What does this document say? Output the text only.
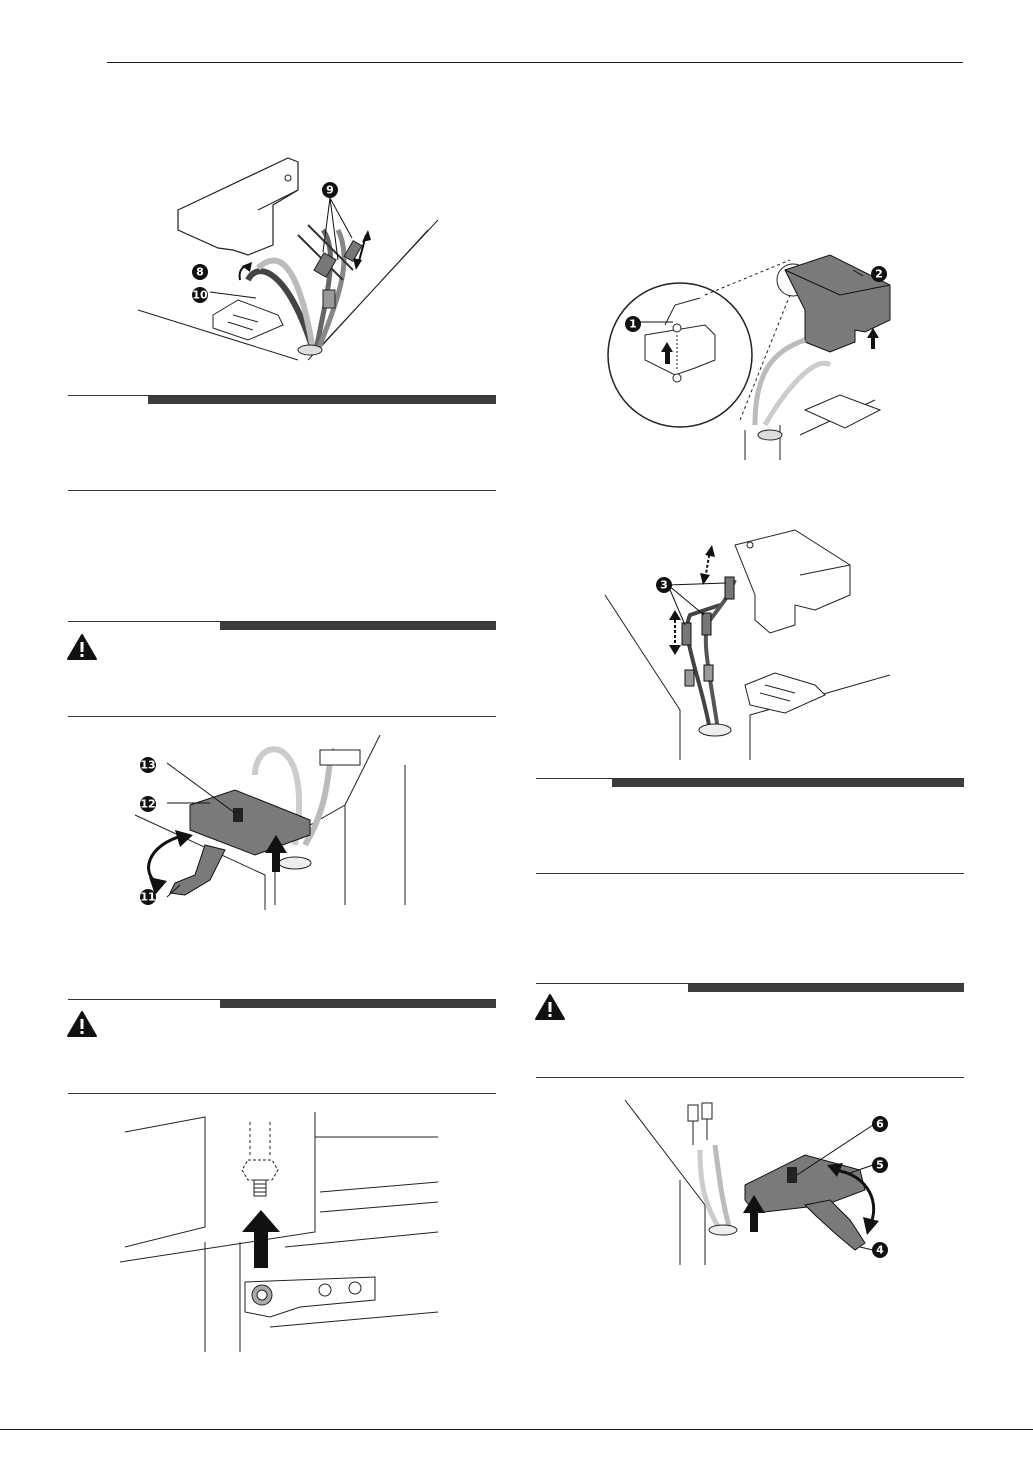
8
9
10
13
12
11
1
2
3
6
5
4
